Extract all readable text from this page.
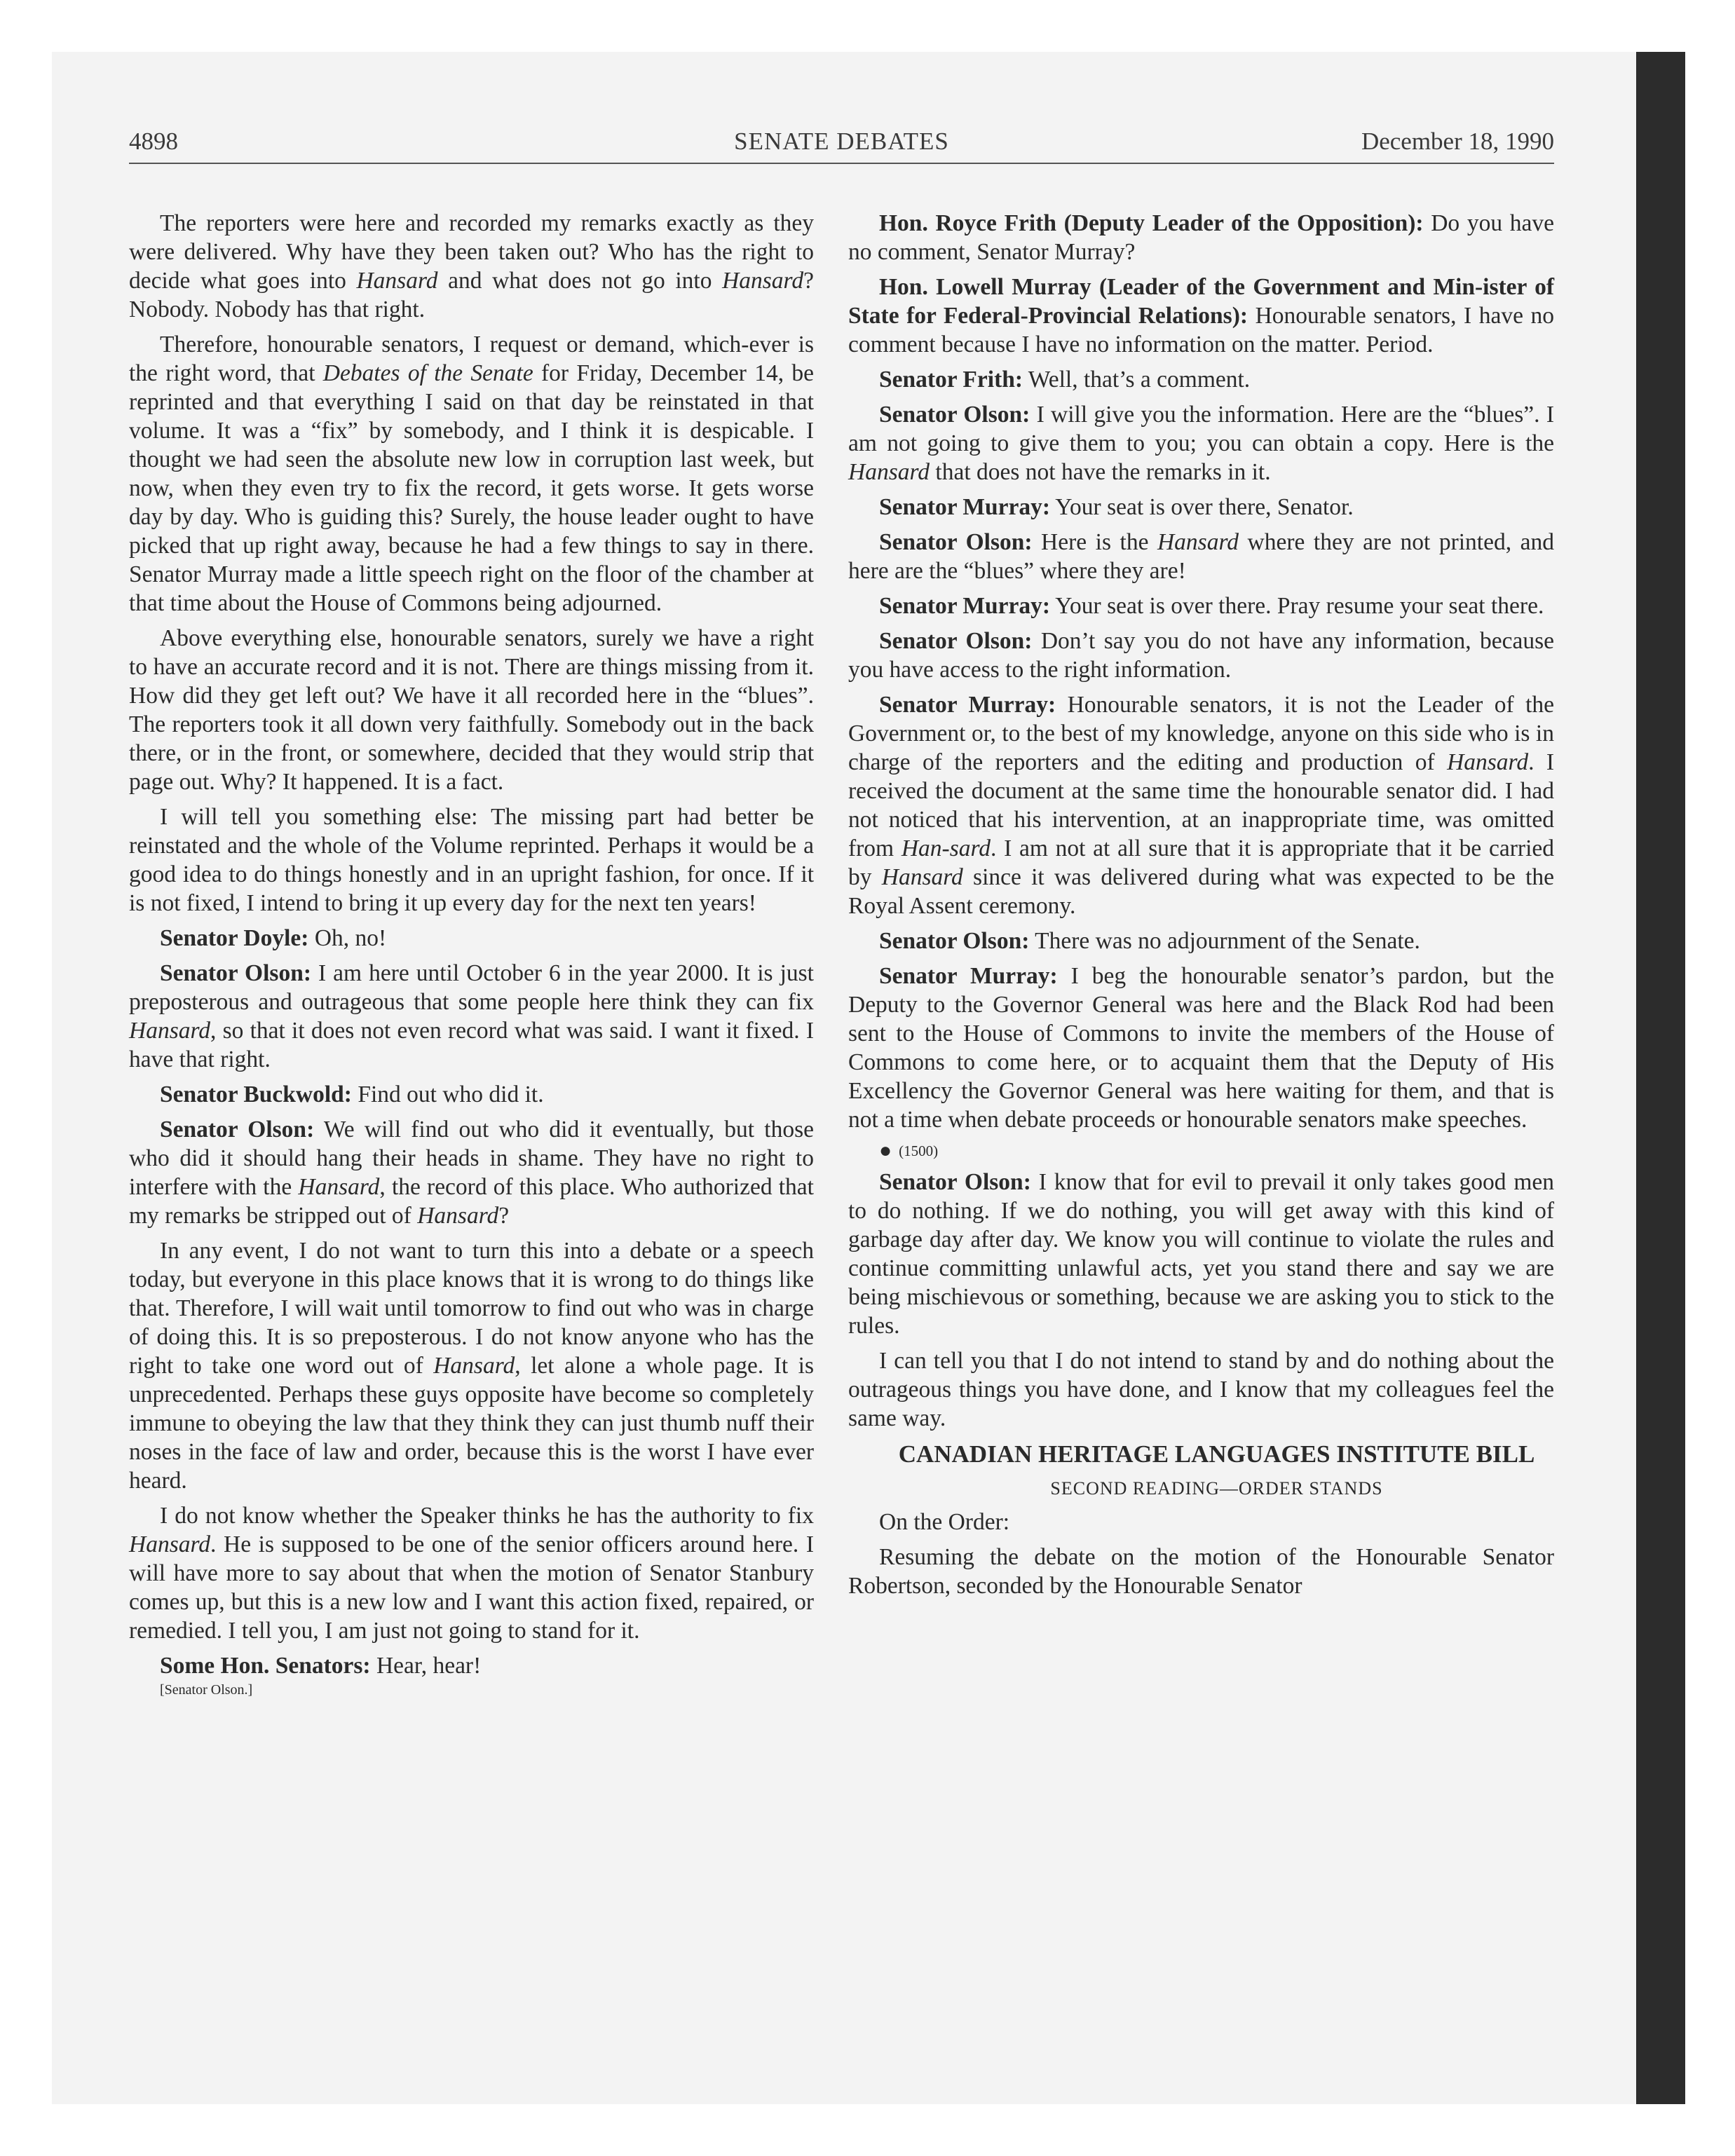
4898	SENATE DEBATES	December 18, 1990

The reporters were here and recorded my remarks exactly as they were delivered. Why have they been taken out? Who has the right to decide what goes into Hansard and what does not go into Hansard? Nobody. Nobody has that right.

Therefore, honourable senators, I request or demand, which-ever is the right word, that Debates of the Senate for Friday, December 14, be reprinted and that everything I said on that day be reinstated in that volume. It was a “fix” by somebody, and I think it is despicable. I thought we had seen the absolute new low in corruption last week, but now, when they even try to fix the record, it gets worse. It gets worse day by day. Who is guiding this? Surely, the house leader ought to have picked that up right away, because he had a few things to say in there. Senator Murray made a little speech right on the floor of the chamber at that time about the House of Commons being adjourned.

Above everything else, honourable senators, surely we have a right to have an accurate record and it is not. There are things missing from it. How did they get left out? We have it all recorded here in the “blues”. The reporters took it all down very faithfully. Somebody out in the back there, or in the front, or somewhere, decided that they would strip that page out. Why? It happened. It is a fact.

I will tell you something else: The missing part had better be reinstated and the whole of the Volume reprinted. Perhaps it would be a good idea to do things honestly and in an upright fashion, for once. If it is not fixed, I intend to bring it up every day for the next ten years!

Senator Doyle: Oh, no!

Senator Olson: I am here until October 6 in the year 2000. It is just preposterous and outrageous that some people here think they can fix Hansard, so that it does not even record what was said. I want it fixed. I have that right.

Senator Buckwold: Find out who did it.

Senator Olson: We will find out who did it eventually, but those who did it should hang their heads in shame. They have no right to interfere with the Hansard, the record of this place. Who authorized that my remarks be stripped out of Hansard?

In any event, I do not want to turn this into a debate or a speech today, but everyone in this place knows that it is wrong to do things like that. Therefore, I will wait until tomorrow to find out who was in charge of doing this. It is so preposterous. I do not know anyone who has the right to take one word out of Hansard, let alone a whole page. It is unprecedented. Perhaps these guys opposite have become so completely immune to obeying the law that they think they can just thumb nuff their noses in the face of law and order, because this is the worst I have ever heard.

I do not know whether the Speaker thinks he has the authority to fix Hansard. He is supposed to be one of the senior officers around here. I will have more to say about that when the motion of Senator Stanbury comes up, but this is a new low and I want this action fixed, repaired, or remedied. I tell you, I am just not going to stand for it.

Some Hon. Senators: Hear, hear!

[Senator Olson.]

Hon. Royce Frith (Deputy Leader of the Opposition): Do you have no comment, Senator Murray?

Hon. Lowell Murray (Leader of the Government and Min-ister of State for Federal-Provincial Relations): Honourable senators, I have no comment because I have no information on the matter. Period.

Senator Frith: Well, that’s a comment.

Senator Olson: I will give you the information. Here are the “blues”. I am not going to give them to you; you can obtain a copy. Here is the Hansard that does not have the remarks in it.

Senator Murray: Your seat is over there, Senator.

Senator Olson: Here is the Hansard where they are not printed, and here are the “blues” where they are!

Senator Murray: Your seat is over there. Pray resume your seat there.

Senator Olson: Don’t say you do not have any information, because you have access to the right information.

Senator Murray: Honourable senators, it is not the Leader of the Government or, to the best of my knowledge, anyone on this side who is in charge of the reporters and the editing and production of Hansard. I received the document at the same time the honourable senator did. I had not noticed that his intervention, at an inappropriate time, was omitted from Han-sard. I am not at all sure that it is appropriate that it be carried by Hansard since it was delivered during what was expected to be the Royal Assent ceremony.

Senator Olson: There was no adjournment of the Senate.

Senator Murray: I beg the honourable senator’s pardon, but the Deputy to the Governor General was here and the Black Rod had been sent to the House of Commons to invite the members of the House of Commons to come here, or to acquaint them that the Deputy of His Excellency the Governor General was here waiting for them, and that is not a time when debate proceeds or honourable senators make speeches.

● (1500)

Senator Olson: I know that for evil to prevail it only takes good men to do nothing. If we do nothing, you will get away with this kind of garbage day after day. We know you will continue to violate the rules and continue committing unlawful acts, yet you stand there and say we are being mischievous or something, because we are asking you to stick to the rules.

I can tell you that I do not intend to stand by and do nothing about the outrageous things you have done, and I know that my colleagues feel the same way.

CANADIAN HERITAGE LANGUAGES INSTITUTE BILL

SECOND READING—ORDER STANDS

On the Order:

Resuming the debate on the motion of the Honourable Senator Robertson, seconded by the Honourable Senator
